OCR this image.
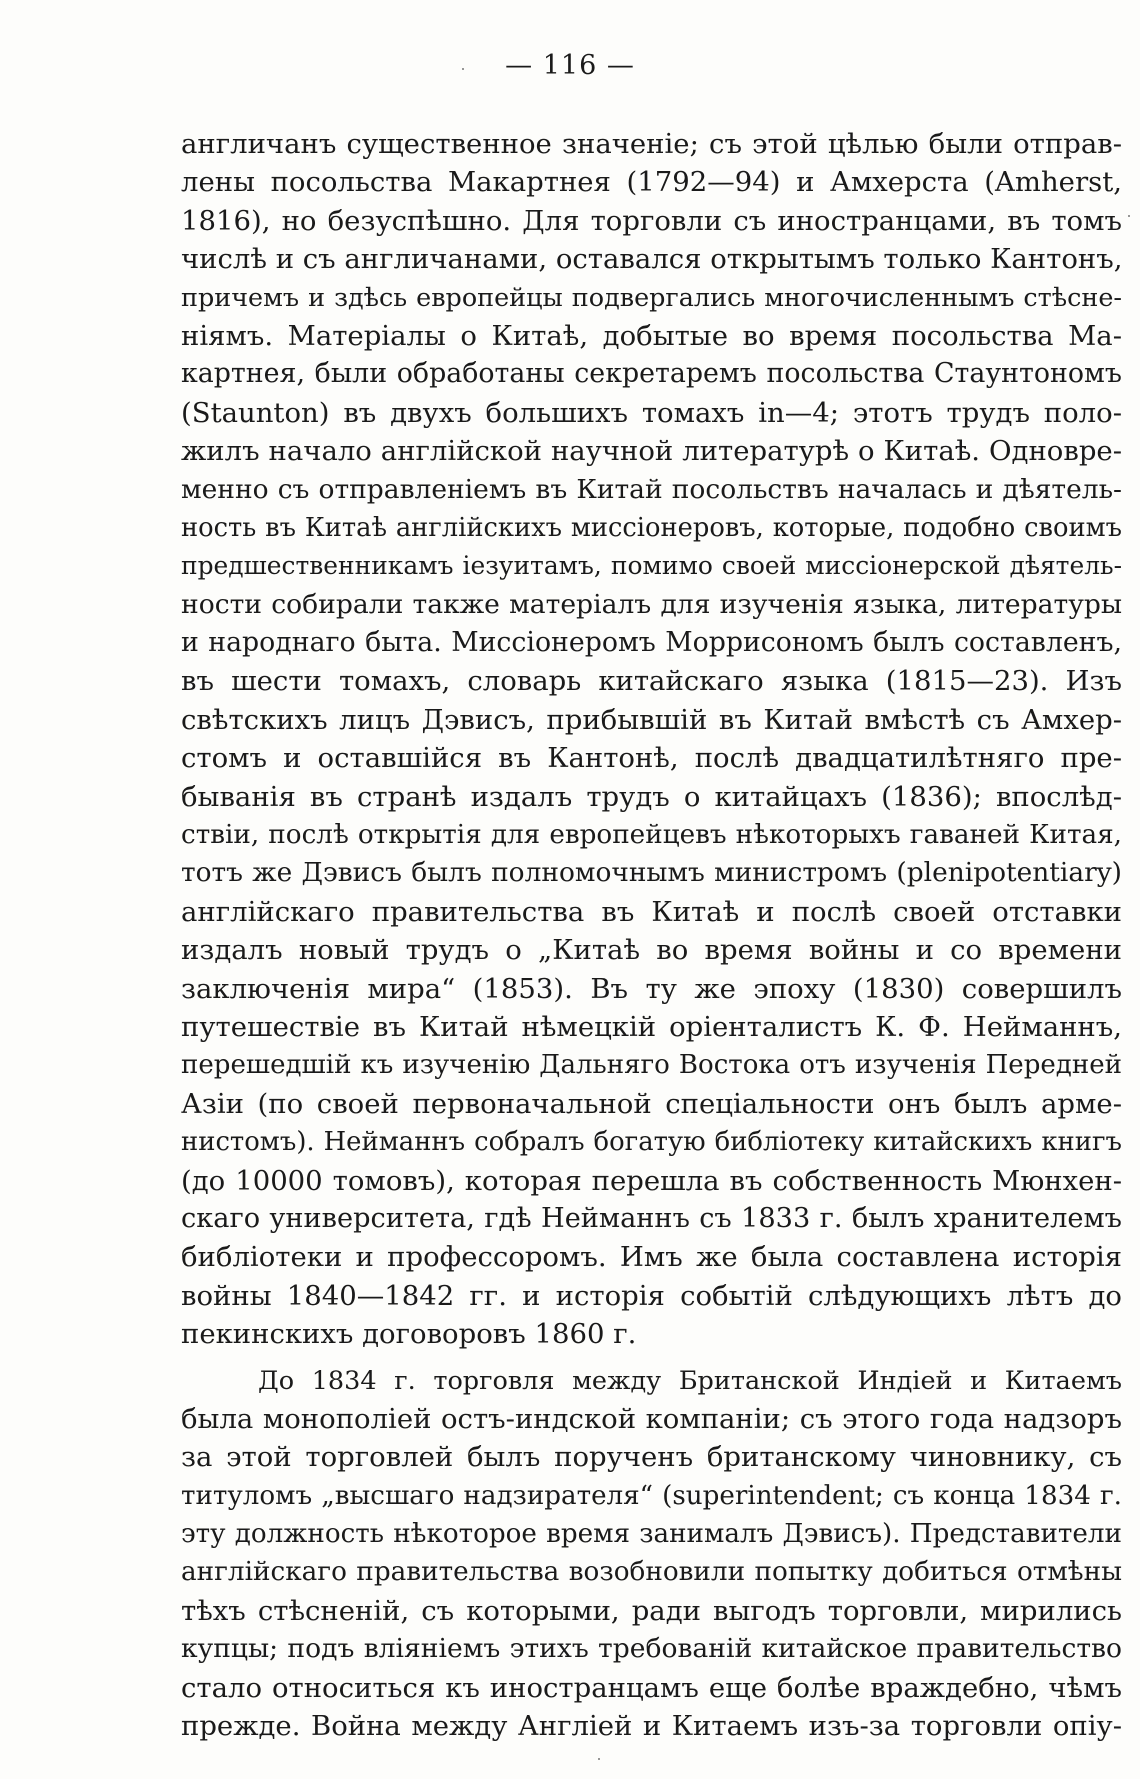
— 116 —
англичанъ существенное значенie; съ этой цѣлью были отправ-
лены посольства Макартнея (1792—94) и Амхерста (Amherst,
1816), но безуспѣшно. Для торговли съ иностранцами, въ томъ
числѣ и съ англичанами, оставался открытымъ только Кантонъ,
причемъ и здѣсь европейцы подвергались многочисленнымъ стѣсне-
нiямъ. Матерiалы о Китаѣ, добытые во время посольства Ма-
картнея, были обработаны секретаремъ посольства Стаунтономъ
(Staunton) въ двухъ большихъ томахъ in—4; этотъ трудъ поло-
жилъ начало англiйской научной литературѣ о Китаѣ. Одновре-
менно съ отправленiемъ въ Китай посольствъ началась и дѣятель-
ность въ Китаѣ англiйскихъ миссiонеровъ, которые, подобно своимъ
предшественникамъ iезуитамъ, помимо своей миссiонерской дѣятель-
ности собирали также матерiалъ для изученiя языка, литературы
и народнаго быта. Миссiонеромъ Моррисономъ былъ составленъ,
въ шести томахъ, словарь китайскаго языка (1815—23). Изъ
свѣтскихъ лицъ Дэвисъ, прибывшiй въ Китай вмѣстѣ съ Амхер-
стомъ и оставшiйся въ Кантонѣ, послѣ двадцатилѣтняго пре-
быванiя въ странѣ издалъ трудъ о китайцахъ (1836); впослѣд-
ствiи, послѣ открытiя для европейцевъ нѣкоторыхъ гаваней Китая,
тотъ же Дэвисъ былъ полномочнымъ министромъ (plenipotentiary)
англiйскаго правительства въ Китаѣ и послѣ своей отставки
издалъ новый трудъ о „Китаѣ во время войны и со времени
заключенiя мира“ (1853). Въ ту же эпоху (1830) совершилъ
путешествiе въ Китай нѣмецкiй орiенталистъ К. Ф. Нейманнъ,
перешедшiй къ изученiю Дальняго Востока отъ изученiя Передней
Азiи (по своей первоначальной спецiальности онъ былъ арме-
нистомъ). Нейманнъ собралъ богатую библiотеку китайскихъ книгъ
(до 10000 томовъ), которая перешла въ собственность Мюнхен-
скаго университета, гдѣ Нейманнъ съ 1833 г. былъ хранителемъ
библiотеки и профессоромъ. Имъ же была составлена исторiя
войны 1840—1842 гг. и исторiя событiй слѣдующихъ лѣтъ до
пекинскихъ договоровъ 1860 г.
До 1834 г. торговля между Британской Индiей и Китаемъ
была монополiей остъ-индской компанiи; съ этого года надзоръ
за этой торговлей былъ порученъ британскому чиновнику, съ
титуломъ „высшаго надзирателя“ (superintendent; съ конца 1834 г.
эту должность нѣкоторое время занималъ Дэвисъ). Представители
англiйскаго правительства возобновили попытку добиться отмѣны
тѣхъ стѣсненiй, съ которыми, ради выгодъ торговли, мирились
купцы; подъ влiянiемъ этихъ требованiй китайское правительство
стало относиться къ иностранцамъ еще болѣе враждебно, чѣмъ
прежде. Война между Англiей и Китаемъ изъ-за торговли опiу-
